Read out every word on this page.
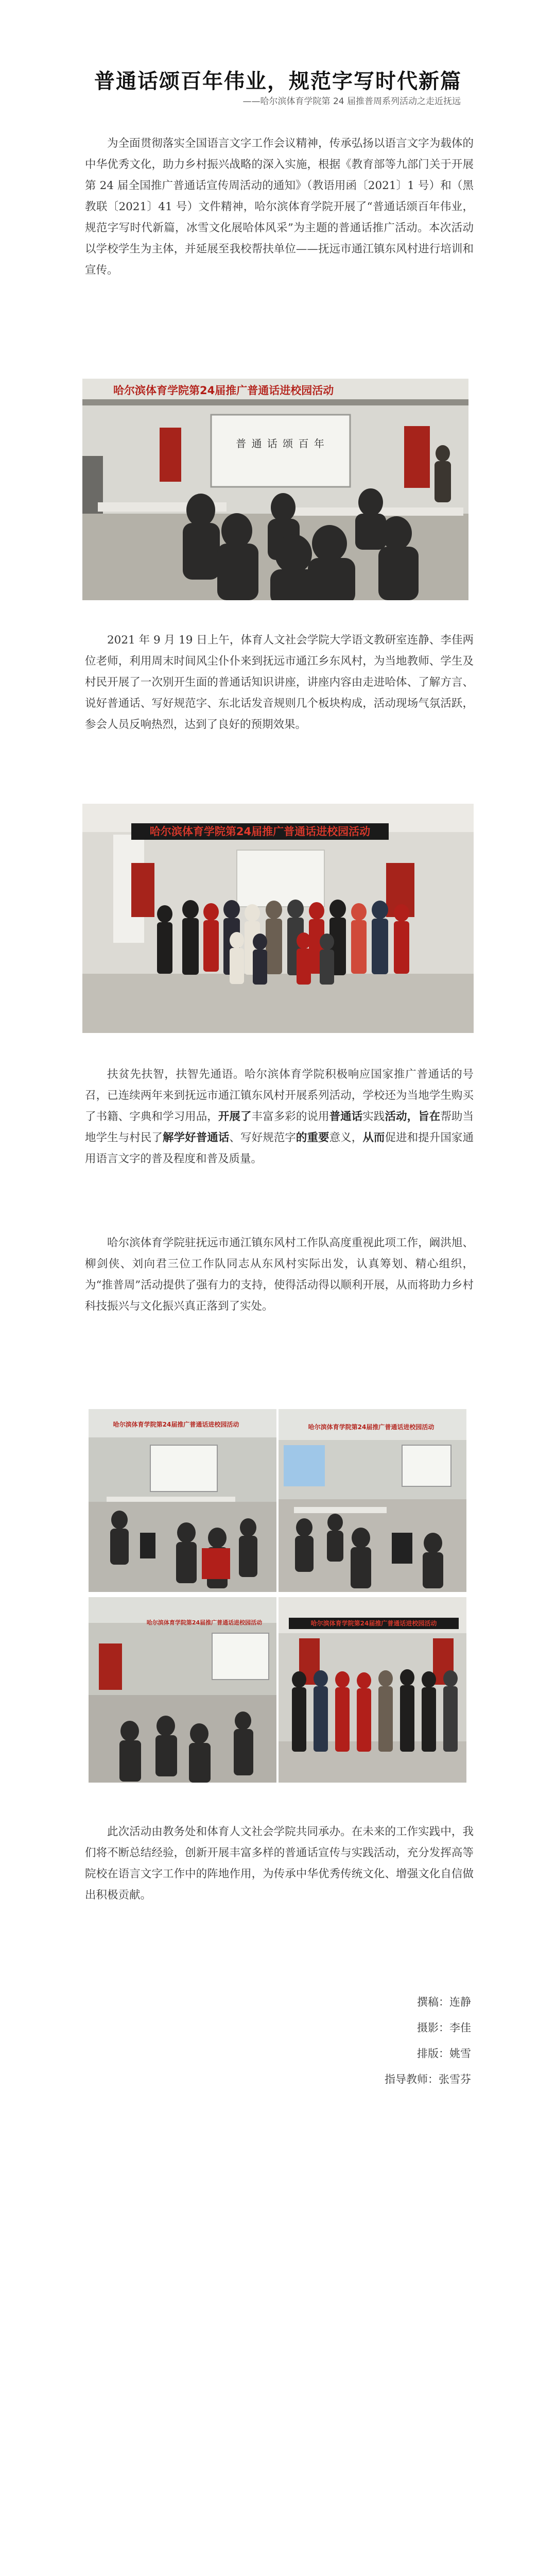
普通话颂百年伟业，规范字写时代新篇
——哈尔滨体育学院第 24 届推普周系列活动之走近抚远

为全面贯彻落实全国语言文字工作会议精神，传承弘扬以语言文字为载体的中华优秀文化，助力乡村振兴战略的深入实施，根据《教育部等九部门关于开展第 24 届全国推广普通话宣传周活动的通知》（教语用函〔2021〕1 号）和（黑教联〔2021〕41 号）文件精神，哈尔滨体育学院开展了“普通话颂百年伟业，规范字写时代新篇，冰雪文化展哈体风采”为主题的普通话推广活动。本次活动以学校学生为主体，并延展至我校帮扶单位——抚远市通江镇东风村进行培训和宣传。

哈尔滨体育学院第24届推广普通话进校园活动
普 通 话 颂 百 年

2021 年 9 月 19 日上午，体育人文社会学院大学语文教研室连静、李佳两位老师，利用周末时间风尘仆仆来到抚远市通江乡东风村，为当地教师、学生及村民开展了一次别开生面的普通话知识讲座，讲座内容由走进哈体、了解方言、说好普通话、写好规范字、东北话发音规则几个板块构成，活动现场气氛活跃，参会人员反响热烈，达到了良好的预期效果。

哈尔滨体育学院第24届推广普通话进校园活动

扶贫先扶智，扶智先通语。哈尔滨体育学院积极响应国家推广普通话的号召，已连续两年来到抚远市通江镇东风村开展系列活动，学校还为当地学生购买了书籍、字典和学习用品，开展了丰富多彩的说用普通话实践活动，旨在帮助当地学生与村民了解学好普通话、写好规范字的重要意义，从而促进和提升国家通用语言文字的普及程度和普及质量。

哈尔滨体育学院驻抚远市通江镇东风村工作队高度重视此项工作，阚洪旭、柳剑侠、刘向君三位工作队同志从东风村实际出发，认真筹划、精心组织，为“推普周”活动提供了强有力的支持，使得活动得以顺利开展，从而将助力乡村科技振兴与文化振兴真正落到了实处。

哈尔滨体育学院第24届推广普通话进校园活动	哈尔滨体育学院第24届推广普通话进校园活动
哈尔滨体育学院第24届推广普通话进校园活动	哈尔滨体育学院第24届推广普通话进校园活动

此次活动由教务处和体育人文社会学院共同承办。在未来的工作实践中，我们将不断总结经验，创新开展丰富多样的普通话宣传与实践活动，充分发挥高等院校在语言文字工作中的阵地作用，为传承中华优秀传统文化、增强文化自信做出积极贡献。

撰稿：连静
摄影：李佳
排版：姚雪
指导教师：张雪芬
